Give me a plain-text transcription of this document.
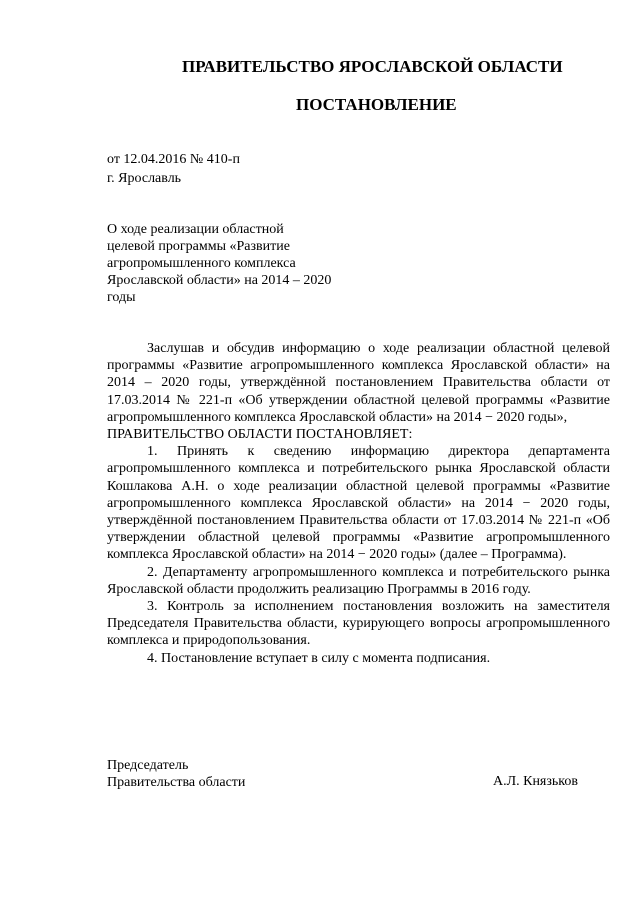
ПРАВИТЕЛЬСТВО ЯРОСЛАВСКОЙ ОБЛАСТИ
ПОСТАНОВЛЕНИЕ
от 12.04.2016 № 410-п
г. Ярославль
О ходе реализации областной целевой программы «Развитие агропромышленного комплекса Ярославской области» на 2014 – 2020 годы

Заслушав и обсудив информацию о ходе реализации областной целевой программы «Развитие агропромышленного комплекса Ярославской области» на 2014 – 2020 годы, утверждённой постановлением Правительства области от 17.03.2014 № 221-п «Об утверждении областной целевой программы «Развитие агропромышленного комплекса Ярославской области» на 2014 − 2020 годы»,

ПРАВИТЕЛЬСТВО ОБЛАСТИ ПОСТАНОВЛЯЕТ:

1. Принять к сведению информацию директора департамента агропромышленного комплекса и потребительского рынка Ярославской области Кошлакова А.Н. о ходе реализации областной целевой программы «Развитие агропромышленного комплекса Ярославской области» на 2014 − 2020 годы, утверждённой постановлением Правительства области от 17.03.2014 № 221-п «Об утверждении областной целевой программы «Развитие агропромышленного комплекса Ярославской области» на 2014 − 2020 годы» (далее – Программа).

2. Департаменту агропромышленного комплекса и потребительского рынка Ярославской области продолжить реализацию Программы в 2016 году.

3. Контроль за исполнением постановления возложить на заместителя Председателя Правительства области, курирующего вопросы агропромышленного комплекса и природопользования.

4. Постановление вступает в силу с момента подписания.

Председатель
Правительства области	А.Л. Князьков
